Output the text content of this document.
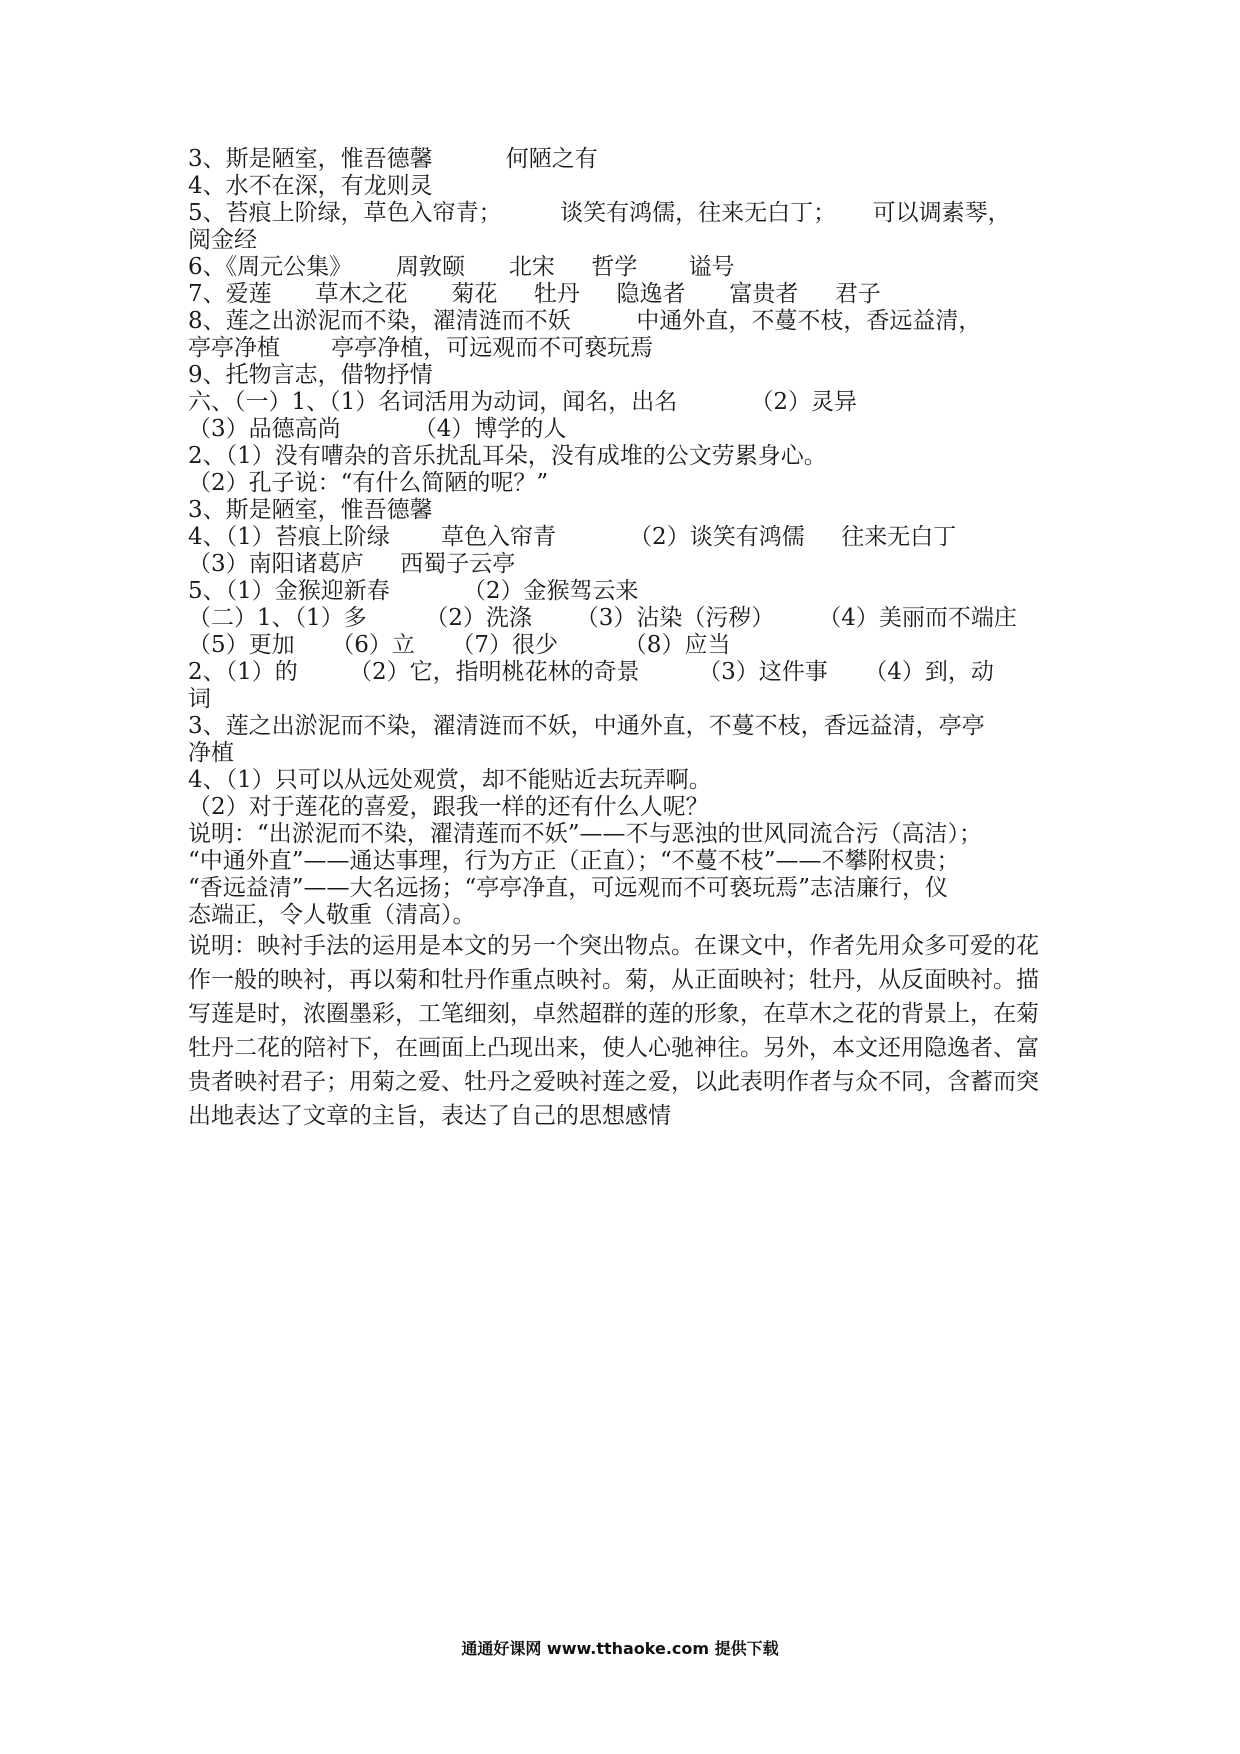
3、斯是陋室，惟吾德馨          何陋之有

4、水不在深，有龙则灵

5、苔痕上阶绿，草色入帘青；        谈笑有鸿儒，往来无白丁；     可以调素琴，

阅金经

6、《周元公集》      周敦颐      北宋     哲学       谥号

7、爱莲      草木之花      菊花     牡丹     隐逸者      富贵者     君子

8、莲之出淤泥而不染，濯清涟而不妖         中通外直，不蔓不枝，香远益清，

亭亭净植       亭亭净植，可远观而不可亵玩焉

9、托物言志，借物抒情

六、（一）1、（1）名词活用为动词，闻名，出名          （2）灵异

（3）品德高尚          （4）博学的人

2、（1）没有嘈杂的音乐扰乱耳朵，没有成堆的公文劳累身心。

（2）孔子说：“有什么简陋的呢？”

3、斯是陋室，惟吾德馨

4、（1）苔痕上阶绿       草色入帘青          （2）谈笑有鸿儒     往来无白丁

（3）南阳诸葛庐     西蜀子云亭

5、（1）金猴迎新春          （2）金猴驾云来

（二）1、（1）多        （2）洗涤      （3）沾染（污秽）      （4）美丽而不端庄

（5）更加     （6）立     （7）很少         （8）应当

2、（1）的       （2）它，指明桃花林的奇景        （3）这件事     （4）到，动

词

3、莲之出淤泥而不染，濯清涟而不妖，中通外直，不蔓不枝，香远益清，亭亭

净植

4、（1）只可以从远处观赏，却不能贴近去玩弄啊。

（2）对于莲花的喜爱，跟我一样的还有什么人呢？

说明：“出淤泥而不染，濯清莲而不妖”——不与恶浊的世风同流合污（高洁）；

“中通外直”——通达事理，行为方正（正直）；“不蔓不枝”——不攀附权贵；

“香远益清”——大名远扬；“亭亭净直，可远观而不可亵玩焉”志洁廉行，仪

态端正，令人敬重（清高）。

说明：映衬手法的运用是本文的另一个突出物点。在课文中，作者先用众多可爱的花作一般的映衬，再以菊和牡丹作重点映衬。菊，从正面映衬；牡丹，从反面映衬。描写莲是时，浓圈墨彩，工笔细刻，卓然超群的莲的形象，在草木之花的背景上，在菊牡丹二花的陪衬下，在画面上凸现出来，使人心驰神往。另外，本文还用隐逸者、富贵者映衬君子；用菊之爱、牡丹之爱映衬莲之爱，以此表明作者与众不同，含蓄而突出地表达了文章的主旨，表达了自己的思想感情

通通好课网 www.tthaoke.com 提供下载
